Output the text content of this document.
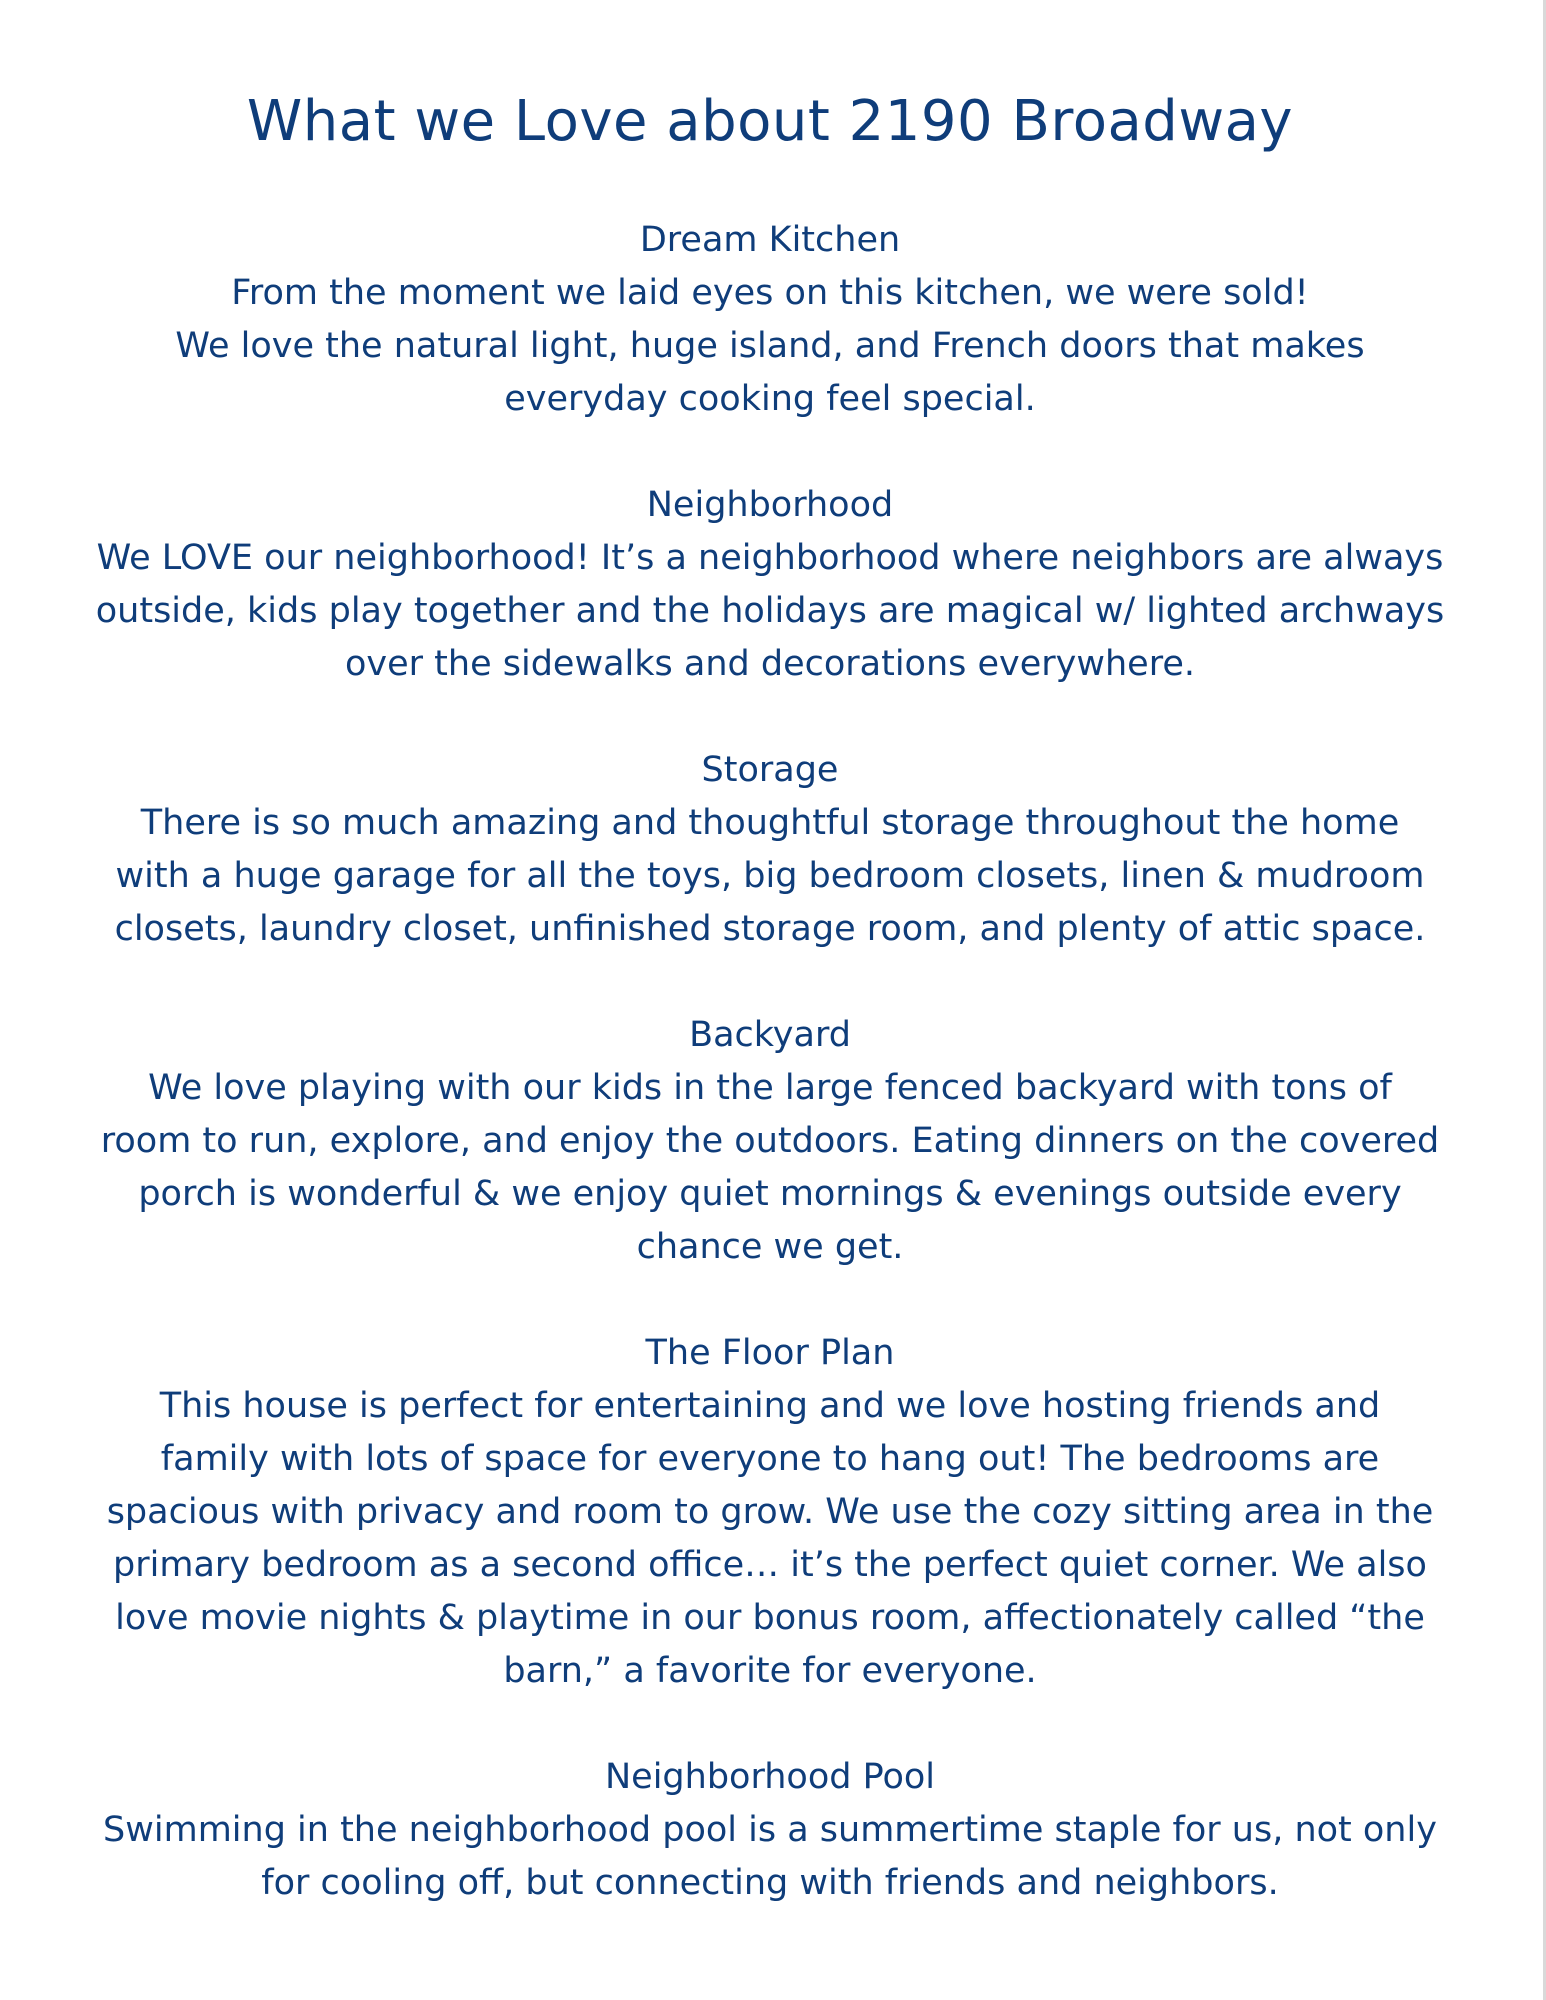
What we Love about 2190 Broadway
Dream Kitchen
From the moment we laid eyes on this kitchen, we were sold!
We love the natural light, huge island, and French doors that makes
everyday cooking feel special.
Neighborhood
We LOVE our neighborhood! It’s a neighborhood where neighbors are always
outside, kids play together and the holidays are magical w/ lighted archways
over the sidewalks and decorations everywhere.
Storage
There is so much amazing and thoughtful storage throughout the home
with a huge garage for all the toys, big bedroom closets, linen & mudroom
closets, laundry closet, unfinished storage room, and plenty of attic space.
Backyard
We love playing with our kids in the large fenced backyard with tons of
room to run, explore, and enjoy the outdoors. Eating dinners on the covered
porch is wonderful & we enjoy quiet mornings & evenings outside every
chance we get.
The Floor Plan
This house is perfect for entertaining and we love hosting friends and
family with lots of space for everyone to hang out! The bedrooms are
spacious with privacy and room to grow. We use the cozy sitting area in the
primary bedroom as a second office… it’s the perfect quiet corner. We also
love movie nights & playtime in our bonus room, affectionately called “the
barn,” a favorite for everyone.
Neighborhood Pool
Swimming in the neighborhood pool is a summertime staple for us, not only
for cooling off, but connecting with friends and neighbors.
